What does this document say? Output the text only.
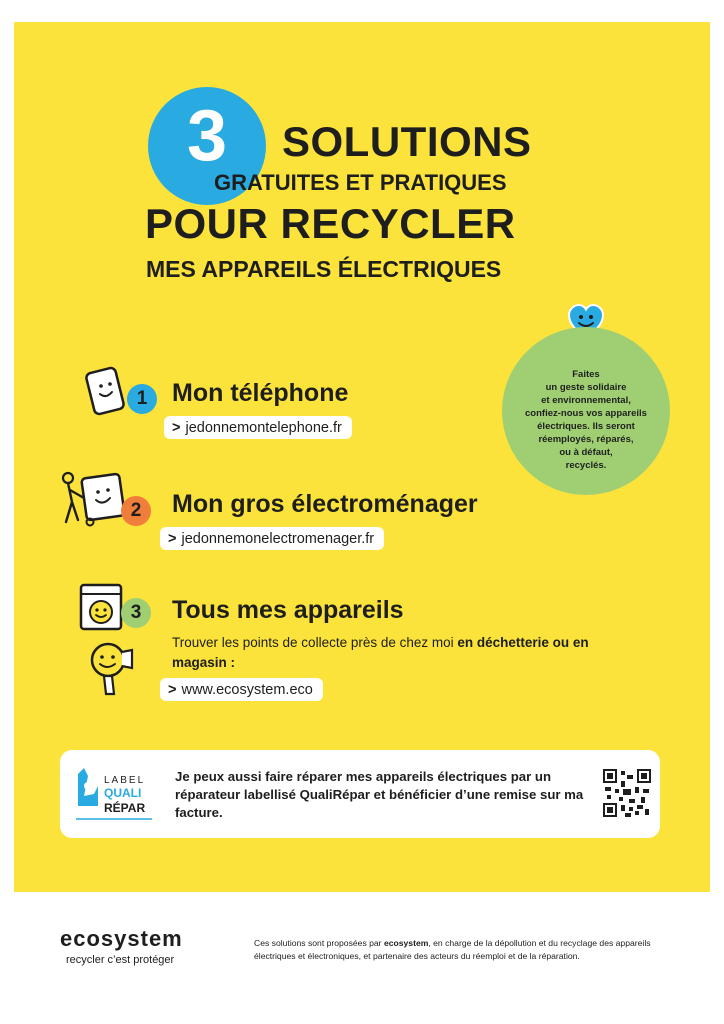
3	SOLUTIONS
GRATUITES ET PRATIQUES
POUR RECYCLER
MES APPAREILS ÉLECTRIQUES
Faites
un geste solidaire
et environnemental,
confiez-nous vos appareils
électriques. Ils seront
réemployés, réparés,
ou à défaut,
recyclés.
1 Mon téléphone
> jedonnemontelephone.fr
2	Mon gros électroménager
> jedonnemonelectromenager.fr
3	Tous mes appareils
Trouver les points de collecte près de chez moi en déchetterie ou en magasin :
> www.ecosystem.eco
LABEL
QUALI
RÉPAR
Je peux aussi faire réparer mes appareils électriques par un réparateur labellisé QualiRépar et bénéficier d’une remise sur ma facture.
ecosystem
recycler c’est protéger
Ces solutions sont proposées par ecosystem, en charge de la dépollution et du recyclage des appareils électriques et électroniques, et partenaire des acteurs du réemploi et de la réparation.
